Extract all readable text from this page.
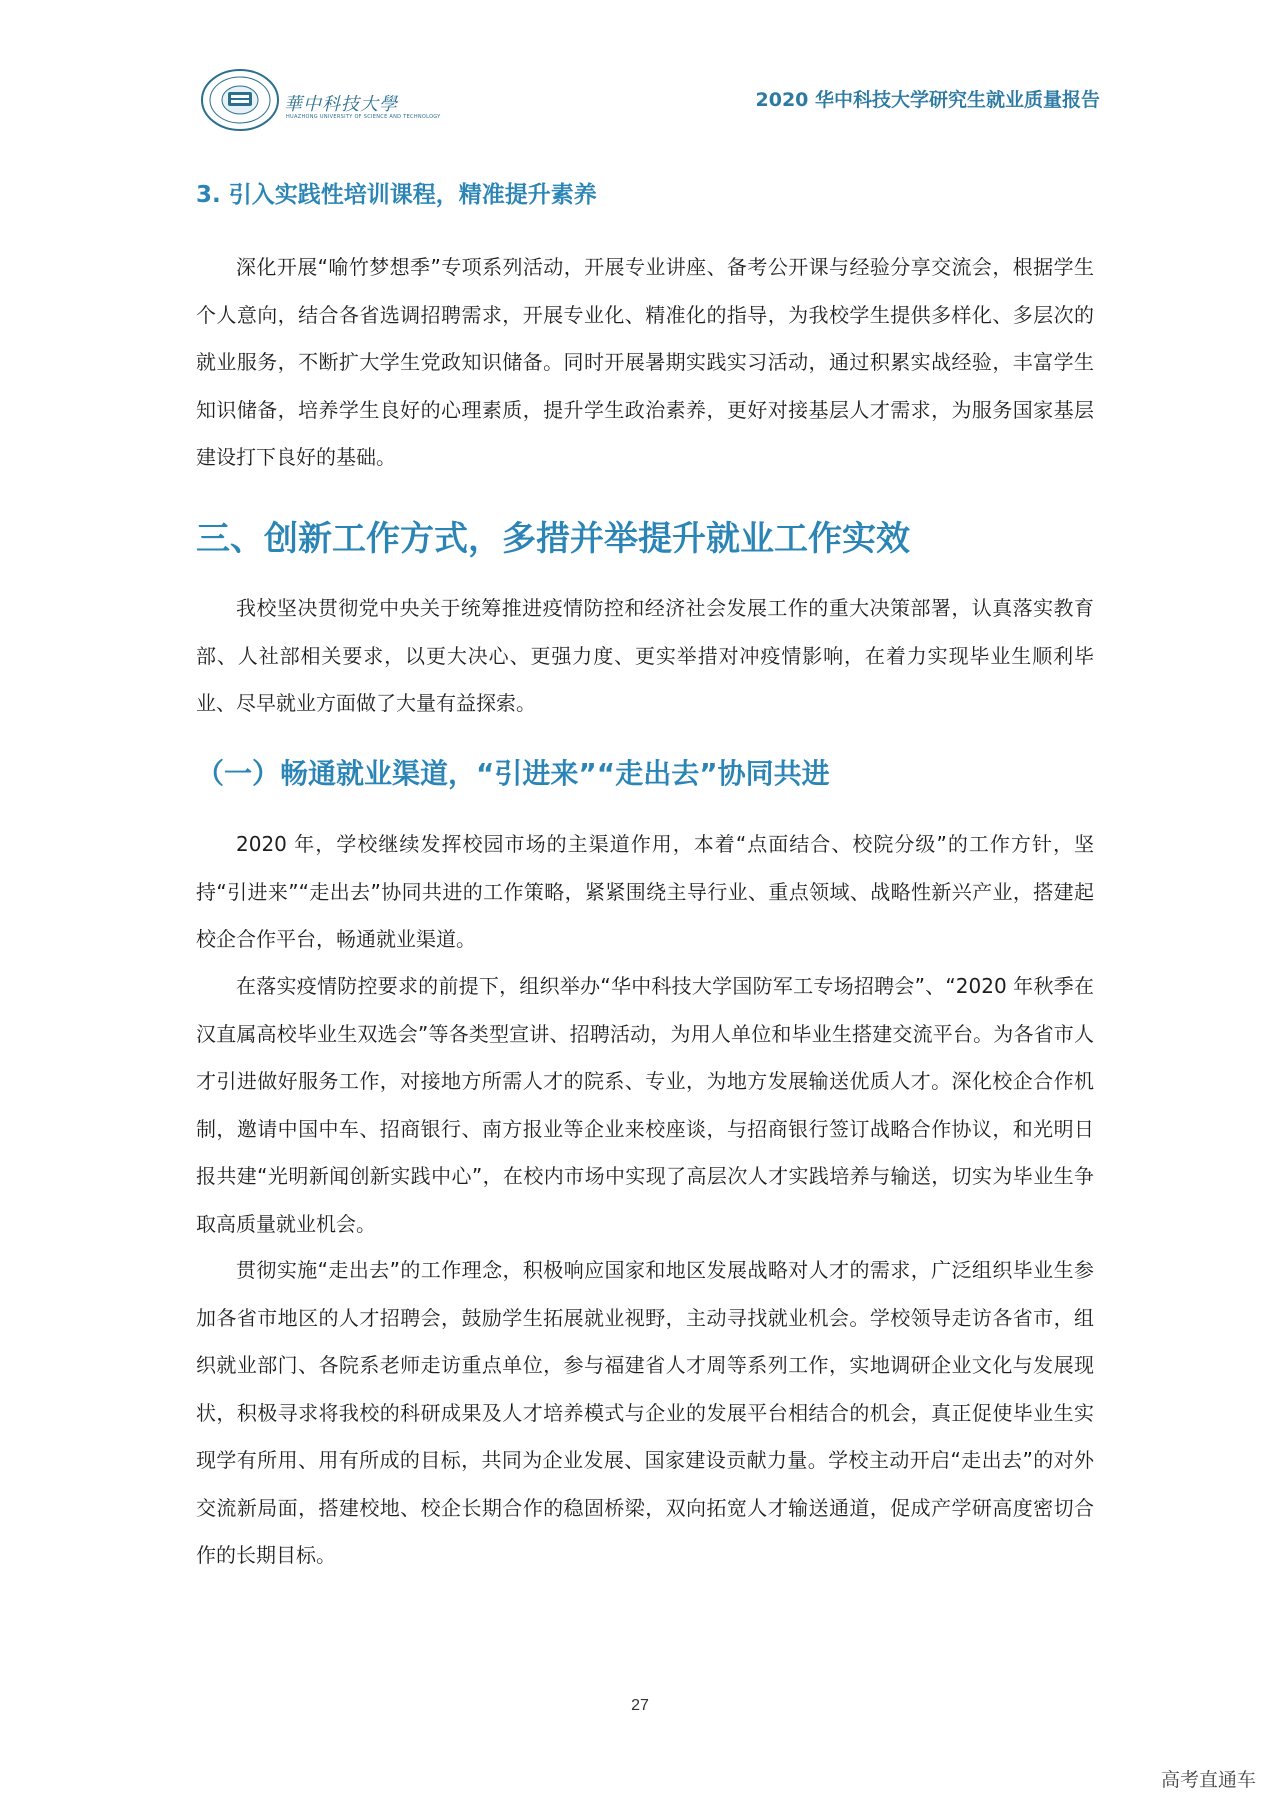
華中科技大學
HUAZHONG UNIVERSITY OF SCIENCE AND TECHNOLOGY
2020 华中科技大学研究生就业质量报告
3. 引入实践性培训课程，精准提升素养
深化开展“喻竹梦想季”专项系列活动，开展专业讲座、备考公开课与经验分享交流会，根据学生个人意向，结合各省选调招聘需求，开展专业化、精准化的指导，为我校学生提供多样化、多层次的就业服务，不断扩大学生党政知识储备。同时开展暑期实践实习活动，通过积累实战经验，丰富学生知识储备，培养学生良好的心理素质，提升学生政治素养，更好对接基层人才需求，为服务国家基层建设打下良好的基础。
三、创新工作方式，多措并举提升就业工作实效
我校坚决贯彻党中央关于统筹推进疫情防控和经济社会发展工作的重大决策部署，认真落实教育部、人社部相关要求，以更大决心、更强力度、更实举措对冲疫情影响，在着力实现毕业生顺利毕业、尽早就业方面做了大量有益探索。
（一）畅通就业渠道，“引进来”“走出去”协同共进
2020 年，学校继续发挥校园市场的主渠道作用，本着“点面结合、校院分级”的工作方针，坚持“引进来”“走出去”协同共进的工作策略，紧紧围绕主导行业、重点领域、战略性新兴产业，搭建起校企合作平台，畅通就业渠道。
在落实疫情防控要求的前提下，组织举办“华中科技大学国防军工专场招聘会”、“2020 年秋季在汉直属高校毕业生双选会”等各类型宣讲、招聘活动，为用人单位和毕业生搭建交流平台。为各省市人才引进做好服务工作，对接地方所需人才的院系、专业，为地方发展输送优质人才。深化校企合作机制，邀请中国中车、招商银行、南方报业等企业来校座谈，与招商银行签订战略合作协议，和光明日报共建“光明新闻创新实践中心”，在校内市场中实现了高层次人才实践培养与输送，切实为毕业生争取高质量就业机会。
贯彻实施“走出去”的工作理念，积极响应国家和地区发展战略对人才的需求，广泛组织毕业生参加各省市地区的人才招聘会，鼓励学生拓展就业视野，主动寻找就业机会。学校领导走访各省市，组织就业部门、各院系老师走访重点单位，参与福建省人才周等系列工作，实地调研企业文化与发展现状，积极寻求将我校的科研成果及人才培养模式与企业的发展平台相结合的机会，真正促使毕业生实现学有所用、用有所成的目标，共同为企业发展、国家建设贡献力量。学校主动开启“走出去”的对外交流新局面，搭建校地、校企长期合作的稳固桥梁，双向拓宽人才输送通道，促成产学研高度密切合作的长期目标。
27
高考直通车
